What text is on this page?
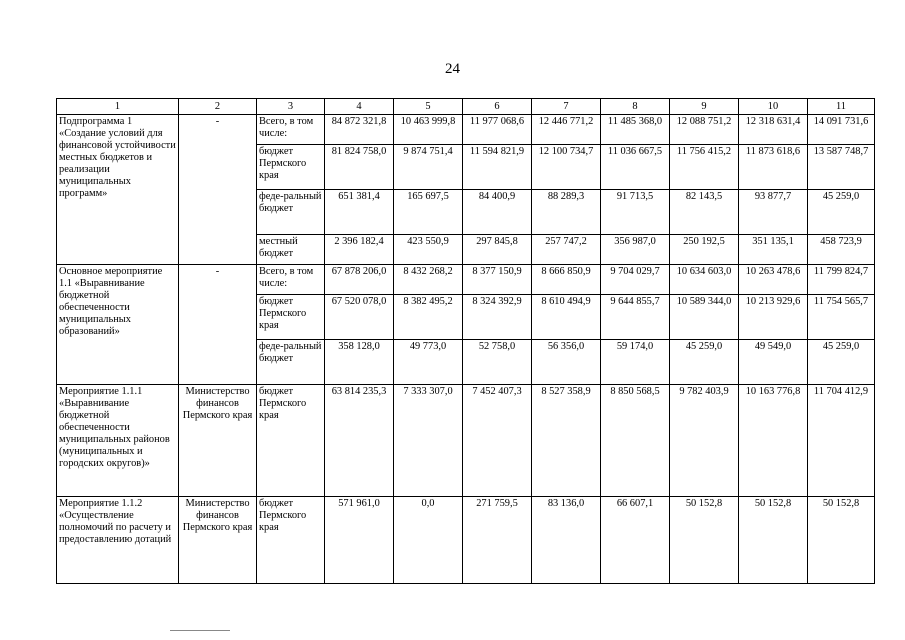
24
1	2	3	4	5	6	7	8	9	10	11
Подпрограмма 1 «Создание условий для финансовой устойчивости местных бюджетов и реализации муниципальных программ»	-	Всего, в том числе:	84 872 321,8	10 463 999,8	11 977 068,6	12 446 771,2	11 485 368,0	12 088 751,2	12 318 631,4	14 091 731,6
		бюджет Пермского края	81 824 758,0	9 874 751,4	11 594 821,9	12 100 734,7	11 036 667,5	11 756 415,2	11 873 618,6	13 587 748,7
		феде-ральный бюджет	651 381,4	165 697,5	84 400,9	88 289,3	91 713,5	82 143,5	93 877,7	45 259,0
		местный бюджет	2 396 182,4	423 550,9	297 845,8	257 747,2	356 987,0	250 192,5	351 135,1	458 723,9
Основное мероприятие 1.1 «Выравнивание бюджетной обеспеченности муниципальных образований»	-	Всего, в том числе:	67 878 206,0	8 432 268,2	8 377 150,9	8 666 850,9	9 704 029,7	10 634 603,0	10 263 478,6	11 799 824,7
		бюджет Пермского края	67 520 078,0	8 382 495,2	8 324 392,9	8 610 494,9	9 644 855,7	10 589 344,0	10 213 929,6	11 754 565,7
		феде-ральный бюджет	358 128,0	49 773,0	52 758,0	56 356,0	59 174,0	45 259,0	49 549,0	45 259,0
Мероприятие 1.1.1 «Выравнивание бюджетной обеспеченности муниципальных районов (муниципальных и городских округов)»	Министерство финансов Пермского края	бюджет Пермского края	63 814 235,3	7 333 307,0	7 452 407,3	8 527 358,9	8 850 568,5	9 782 403,9	10 163 776,8	11 704 412,9
Мероприятие 1.1.2 «Осуществление полномочий по расчету и предоставлению дотаций	Министерство финансов Пермского края	бюджет Пермского края	571 961,0	0,0	271 759,5	83 136,0	66 607,1	50 152,8	50 152,8	50 152,8
